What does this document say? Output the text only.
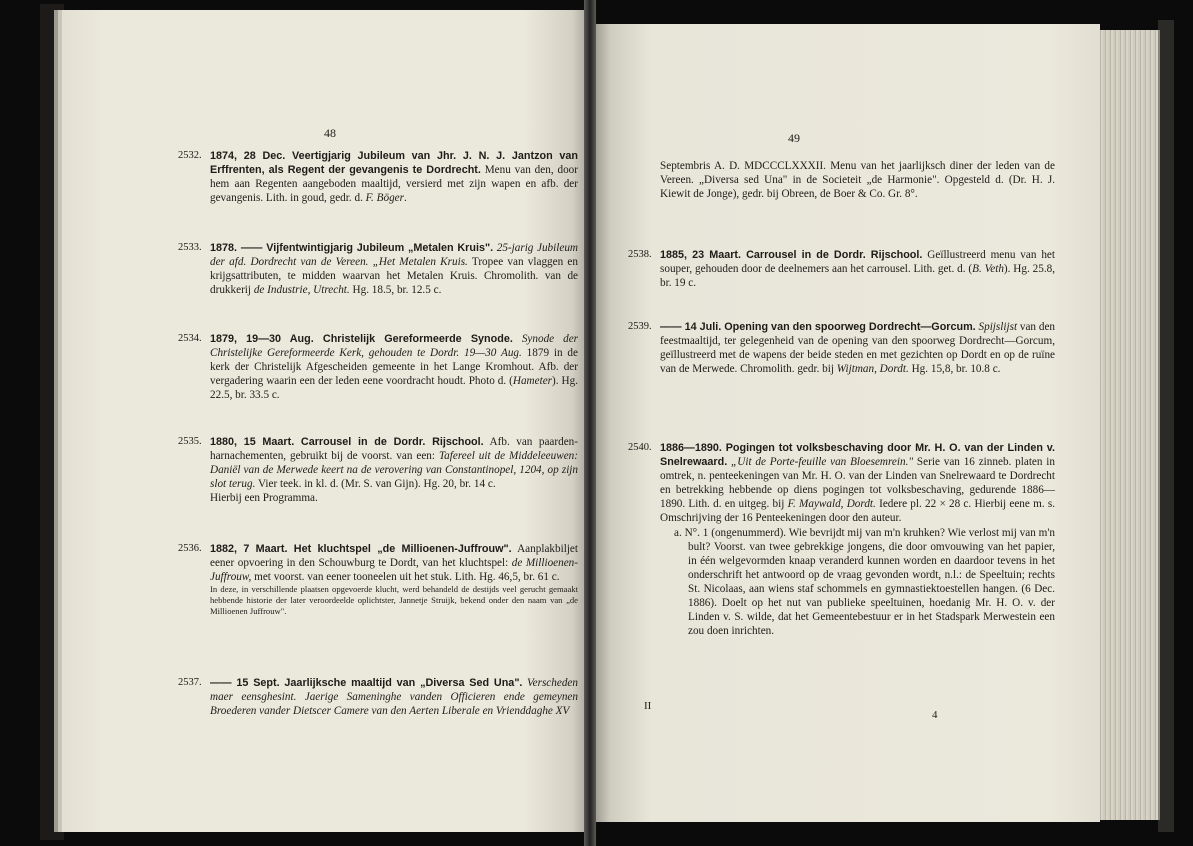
48
2532. 1874, 28 Dec. Veertigjarig Jubileum van Jhr. J. N. J. Jantzon van Erffrenten, als Regent der gevangenis te Dordrecht. Menu van den, door hem aan Regenten aangeboden maaltijd, versierd met zijn wapen en afb. der gevangenis. Lith. in goud, gedr. d. F. Böger.

2533. 1878. —— Vijfentwintigjarig Jubileum „Metalen Kruis". 25-jarig Jubileum der afd. Dordrecht van de Vereen. „Het Metalen Kruis. Tropee van vlaggen en krijgsattributen, te midden waarvan het Metalen Kruis. Chromolith. van de drukkerij de Industrie, Utrecht. Hg. 18.5, br. 12.5 c.

2534. 1879, 19—30 Aug. Christelijk Gereformeerde Synode. Synode der Christelijke Gereformeerde Kerk, gehouden te Dordr. 19—30 Aug. 1879 in de kerk der Christelijk Afgescheiden gemeente in het Lange Kromhout. Afb. der vergadering waarin een der leden eene voordracht houdt. Photo d. (Hameter). Hg. 22.5, br. 33.5 c.

2535. 1880, 15 Maart. Carrousel in de Dordr. Rijschool. Afb. van paarden-harnachementen, gebruikt bij de voorst. van een: Tafereel uit de Middeleeuwen: Daniël van de Merwede keert na de verovering van Constantinopel, 1204, op zijn slot terug. Vier teek. in kl. d. (Mr. S. van Gijn). Hg. 20, br. 14 c.

Hierbij een Programma.

2536. 1882, 7 Maart. Het kluchtspel „de Millioenen-Juffrouw". Aanplakbiljet eener opvoering in den Schouwburg te Dordt, van het kluchtspel: de Millioenen-Juffrouw, met voorst. van eener tooneelen uit het stuk. Lith. Hg. 46,5, br. 61 c.

In deze, in verschillende plaatsen opgevoerde klucht, werd behandeld de destijds veel gerucht gemaakt hebbende historie der later veroordeelde oplichtster, Jannetje Struijk, bekend onder den naam van „de Millioenen Juffrouw".

2537. —— 15 Sept. Jaarlijksche maaltijd van „Diversa Sed Una". Verscheden maer eensghesint. Jaerige Sameninghe vanden Officieren ende gemeynen Broederen vander Dietscer Camere van den Aerten Liberale en Vrienddaghe XV

49
Septembris A. D. MDCCCLXXXII. Menu van het jaarlijksch diner der leden van de Vereen. „Diversa sed Una" in de Societeit „de Harmonie". Opgesteld d. (Dr. H. J. Kiewit de Jonge), gedr. bij Obreen, de Boer & Co. Gr. 8°.
2538. 1885, 23 Maart. Carrousel in de Dordr. Rijschool. Geïllustreerd menu van het souper, gehouden door de deelnemers aan het carrousel. Lith. get. d. (B. Veth). Hg. 25.8, br. 19 c.

2539. —— 14 Juli. Opening van den spoorweg Dordrecht—Gorcum. Spijslijst van den feestmaaltijd, ter gelegenheid van de opening van den spoorweg Dordrecht—Gorcum, geïllustreerd met de wapens der beide steden en met gezichten op Dordt en op de ruïne van de Merwede. Chromolith. gedr. bij Wijtman, Dordt. Hg. 15,8, br. 10.8 c.

2540. 1886—1890. Pogingen tot volksbeschaving door Mr. H. O. van der Linden v. Snelrewaard. „Uit de Porte-feuille van Bloesemrein." Serie van 16 zinneb. platen in omtrek, n. penteekeningen van Mr. H. O. van der Linden van Snelrewaard te Dordrecht en betrekking hebbende op diens pogingen tot volksbeschaving, gedurende 1886—1890. Lith. d. en uitgeg. bij F. Maywald, Dordt. Iedere pl. 22 × 28 c. Hierbij eene m. s. Omschrijving der 16 Penteekeningen door den auteur.

a. N°. 1 (ongenummerd). Wie bevrijdt mij van m'n kruhken? Wie verlost mij van m'n bult? Voorst. van twee gebrekkige jongens, die door omvouwing van het papier, in één welgevormden knaap veranderd kunnen worden en daardoor tevens in het onderschrift het antwoord op de vraag gevonden wordt, n.l.: de Speeltuin; rechts St. Nicolaas, aan wiens staf schommels en gymnastiektoestellen hangen. (6 Dec. 1886). Doelt op het nut van publieke speeltuinen, hoedanig Mr. H. O. v. der Linden v. S. wilde, dat het Gemeentebestuur er in het Stadspark Merwestein een zou doen inrichten.

II
4
